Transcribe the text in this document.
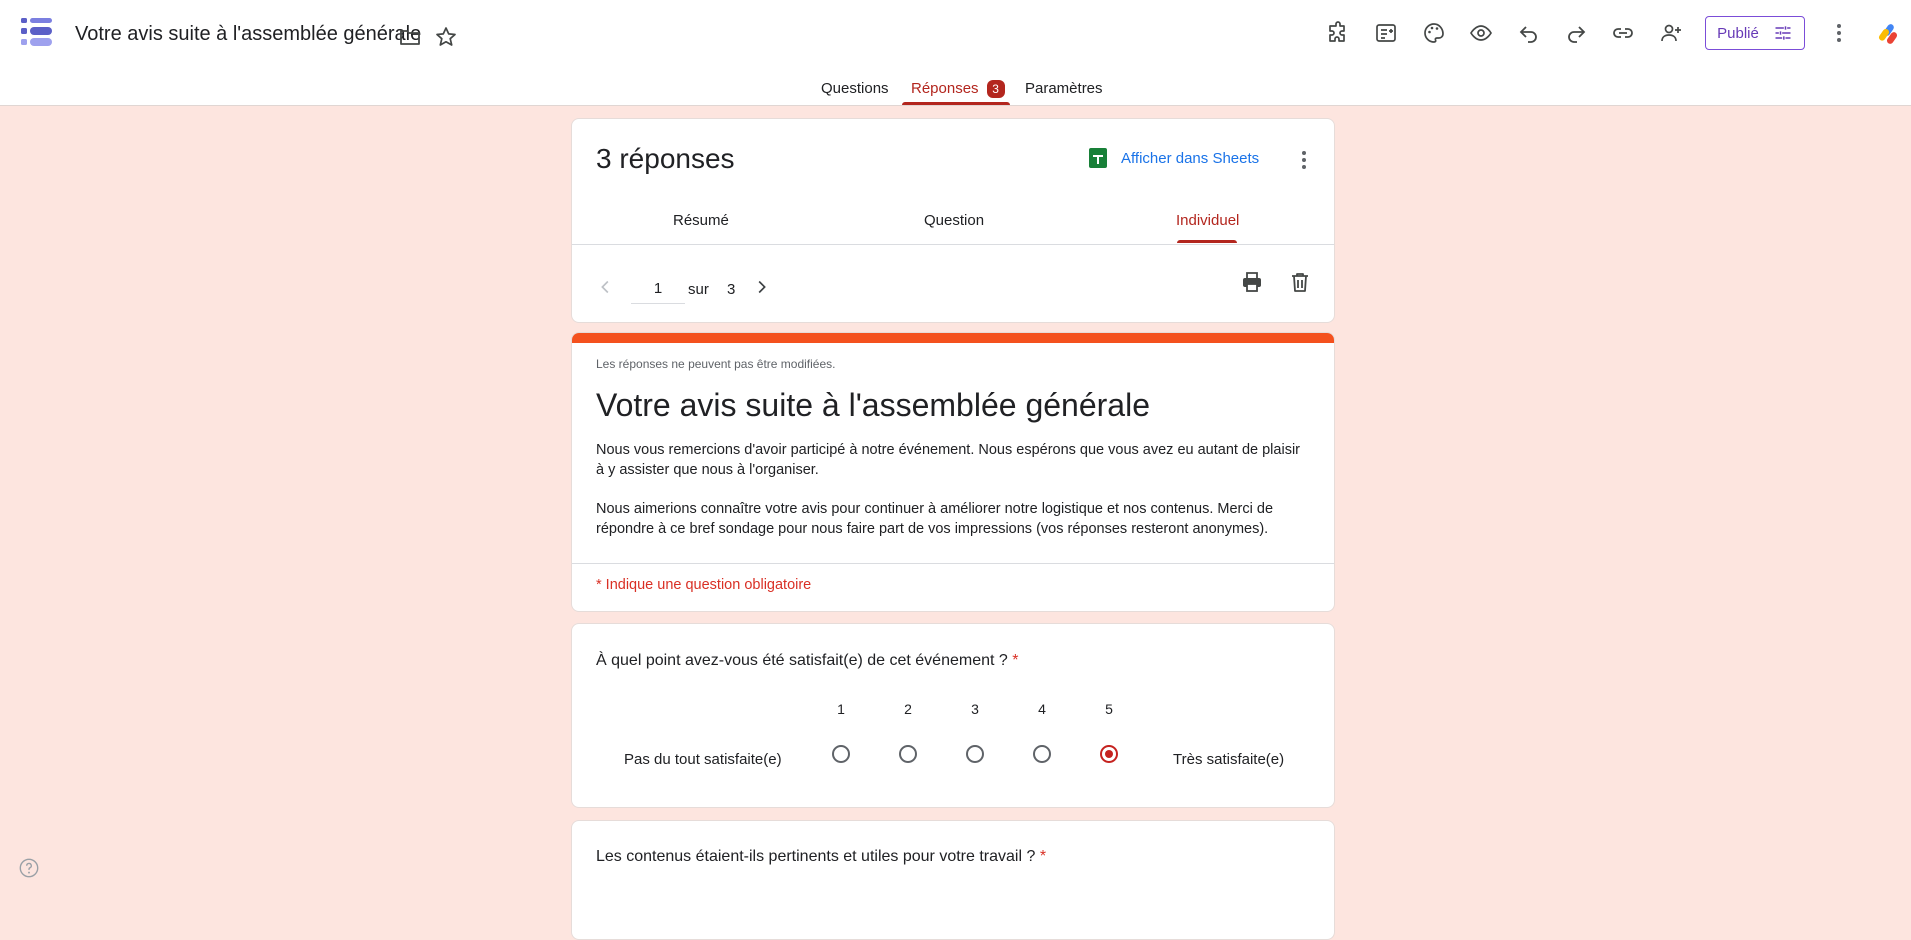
Votre avis suite à l'assemblée générale	Publié
Questions Réponses 3	Paramètres
3 réponses	Afficher dans Sheets
Résumé	Question	Individuel
1
sur 3
Les réponses ne peuvent pas être modifiées.
Votre avis suite à l'assemblée générale
Nous vous remercions d'avoir participé à notre événement. Nous espérons que vous avez eu autant de plaisir à y assister que nous à l'organiser.
Nous aimerions connaître votre avis pour continuer à améliorer notre logistique et nos contenus. Merci de répondre à ce bref sondage pour nous faire part de vos impressions (vos réponses resteront anonymes).
* Indique une question obligatoire
À quel point avez-vous été satisfait(e) de cet événement ? *
1	2	3	4	5
Pas du tout satisfaite(e)	Très satisfaite(e)
Les contenus étaient-ils pertinents et utiles pour votre travail ? *
